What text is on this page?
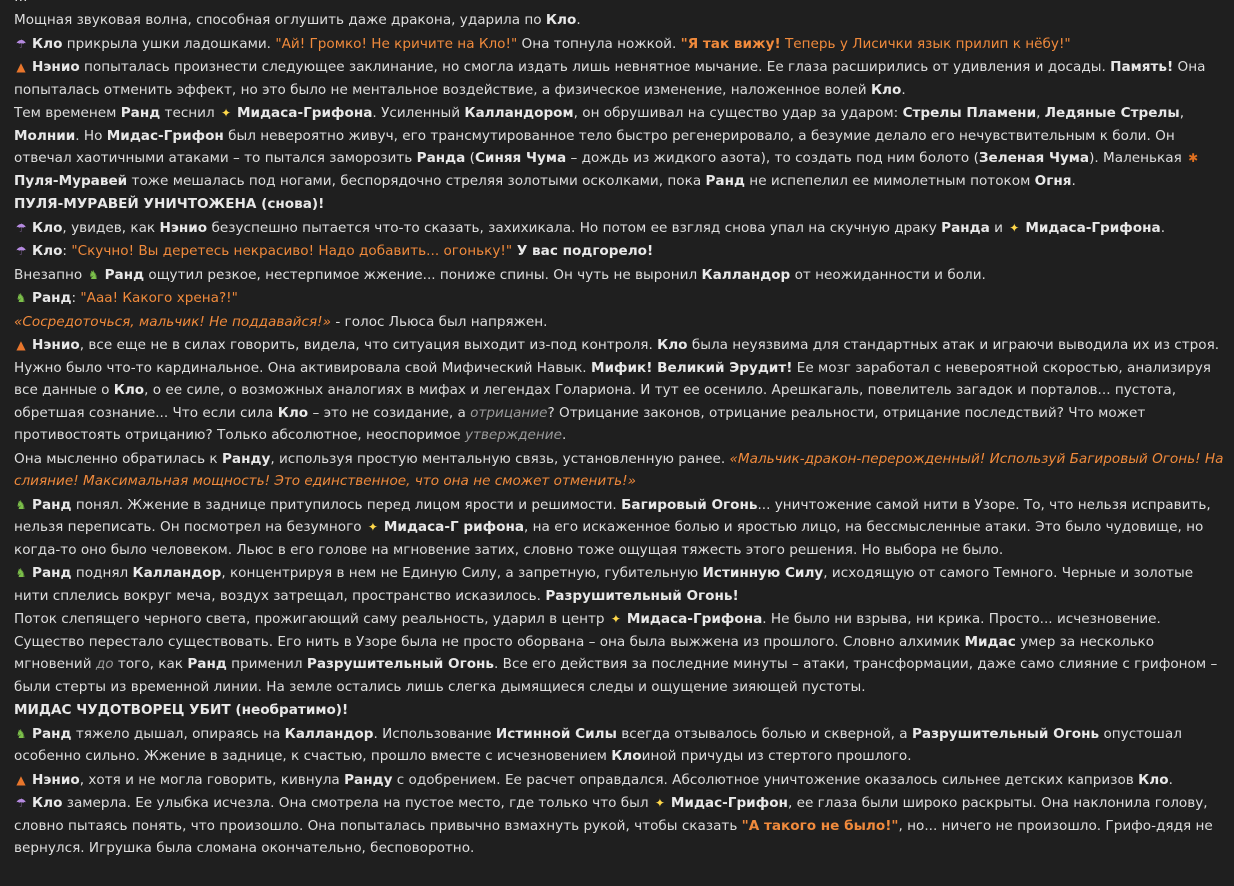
Мощная звуковая волна, способная оглушить даже дракона, ударила по Кло.

☂ Кло прикрыла ушки ладошками. "Ай! Громко! Не кричите на Кло!" Она топнула ножкой. "Я так вижу! Теперь у Лисички язык прилип к нёбу!"

▲ Нэнио попыталась произнести следующее заклинание, но смогла издать лишь невнятное мычание. Ее глаза расширились от удивления и досады. Память! Она попыталась отменить эффект, но это было не ментальное воздействие, а физическое изменение, наложенное волей Кло.

Тем временем Ранд теснил ✦ Мидаса-Грифона. Усиленный Калландором, он обрушивал на существо удар за ударом: Стрелы Пламени, Ледяные Стрелы, Молнии. Но Мидас-Грифон был невероятно живуч, его трансмутированное тело быстро регенерировало, а безумие делало его нечувствительным к боли. Он отвечал хаотичными атаками – то пытался заморозить Ранда (Синяя Чума – дождь из жидкого азота), то создать под ним болото (Зеленая Чума). Маленькая ✱Пуля-Муравей тоже мешалась под ногами, беспорядочно стреляя золотыми осколками, пока Ранд не испепелил ее мимолетным потоком Огня.

ПУЛЯ-МУРАВЕЙ УНИЧТОЖЕНА (снова)!

☂ Кло, увидев, как Нэнио безуспешно пытается что-то сказать, захихикала. Но потом ее взгляд снова упал на скучную драку Ранда и ✦ Мидаса-Грифона.

☂ Кло: "Скучно! Вы деретесь некрасиво! Надо добавить... огоньку!" У вас подгорело!

Внезапно ♞ Ранд ощутил резкое, нестерпимое жжение... пониже спины. Он чуть не выронил Калландор от неожиданности и боли.

♞ Ранд: "Ааа! Какого хрена?!"

«Сосредоточься, мальчик! Не поддавайся!» - голос Льюса был напряжен.

▲ Нэнио, все еще не в силах говорить, видела, что ситуация выходит из-под контроля. Кло была неуязвима для стандартных атак и играючи выводила их из строя. Нужно было что-то кардинальное. Она активировала свой Мифический Навык. Мифик! Великий Эрудит! Ее мозг заработал с невероятной скоростью, анализируя все данные о Кло, о ее силе, о возможных аналогиях в мифах и легендах Голариона. И тут ее осенило. Арешкагаль, повелитель загадок и порталов... пустота, обретшая сознание... Что если сила Кло – это не созидание, а отрицание? Отрицание законов, отрицание реальности, отрицание последствий? Что может противостоять отрицанию? Только абсолютное, неоспоримое утверждение.

Она мысленно обратилась к Ранду, используя простую ментальную связь, установленную ранее. «Мальчик-дракон-перерожденный! Используй Багировый Огонь! На слияние! Максимальная мощность! Это единственное, что она не сможет отменить!»

♞ Ранд понял. Жжение в заднице притупилось перед лицом ярости и решимости. Багировый Огонь... уничтожение самой нити в Узоре. То, что нельзя исправить, нельзя переписать. Он посмотрел на безумного ✦ Мидаса-Г рифона, на его искаженное болью и яростью лицо, на бессмысленные атаки. Это было чудовище, но когда-то оно было человеком. Льюс в его голове на мгновение затих, словно тоже ощущая тяжесть этого решения. Но выбора не было.

♞ Ранд поднял Калландор, концентрируя в нем не Единую Силу, а запретную, губительную Истинную Силу, исходящую от самого Темного. Черные и золотые нити сплелись вокруг меча, воздух затрещал, пространство исказилось. Разрушительный Огонь!

Поток слепящего черного света, прожигающий саму реальность, ударил в центр ✦ Мидаса-Грифона. Не было ни взрыва, ни крика. Просто... исчезновение. Существо перестало существовать. Его нить в Узоре была не просто оборвана – она была выжжена из прошлого. Словно алхимик Мидас умер за несколько мгновений до того, как Ранд применил Разрушительный Огонь. Все его действия за последние минуты – атаки, трансформации, даже само слияние с грифоном – были стерты из временной линии. На земле остались лишь слегка дымящиеся следы и ощущение зияющей пустоты.

МИДАС ЧУДОТВОРЕЦ УБИТ (необратимо)!

♞ Ранд тяжело дышал, опираясь на Калландор. Использование Истинной Силы всегда отзывалось болью и скверной, а Разрушительный Огонь опустошал особенно сильно. Жжение в заднице, к счастью, прошло вместе с исчезновением Клоиной причуды из стертого прошлого.

▲ Нэнио, хотя и не могла говорить, кивнула Ранду с одобрением. Ее расчет оправдался. Абсолютное уничтожение оказалось сильнее детских капризов Кло.

☂ Кло замерла. Ее улыбка исчезла. Она смотрела на пустое место, где только что был ✦ Мидас-Грифон, ее глаза были широко раскрыты. Она наклонила голову, словно пытаясь понять, что произошло. Она попыталась привычно взмахнуть рукой, чтобы сказать "А такого не было!", но... ничего не произошло. Грифо-дядя не вернулся. Игрушка была сломана окончательно, бесповоротно.
